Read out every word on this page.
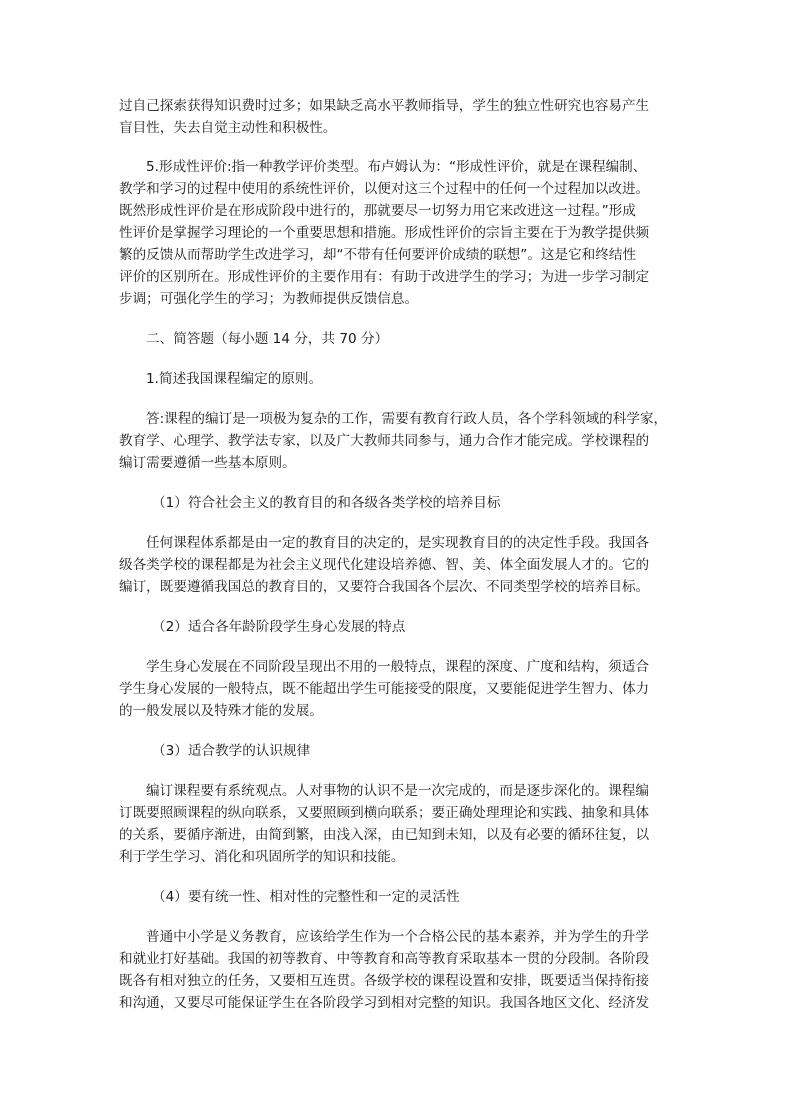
过自己探索获得知识费时过多；如果缺乏高水平教师指导，学生的独立性研究也容易产生
盲目性，失去自觉主动性和积极性。
5.形成性评价:指一种教学评价类型。布卢姆认为：“形成性评价，就是在课程编制、
教学和学习的过程中使用的系统性评价，以便对这三个过程中的任何一个过程加以改进。
既然形成性评价是在形成阶段中进行的，那就要尽一切努力用它来改进这一过程。”形成
性评价是掌握学习理论的一个重要思想和措施。形成性评价的宗旨主要在于为教学提供频
繁的反馈从而帮助学生改进学习，却“不带有任何要评价成绩的联想”。这是它和终结性
评价的区别所在。形成性评价的主要作用有：有助于改进学生的学习；为进一步学习制定
步调；可强化学生的学习；为教师提供反馈信息。
二、简答题（每小题 14 分，共 70 分）
1.简述我国课程编定的原则。
答:课程的编订是一项极为复杂的工作，需要有教育行政人员，各个学科领域的科学家，
教育学、心理学、教学法专家，以及广大教师共同参与，通力合作才能完成。学校课程的
编订需要遵循一些基本原则。
（1）符合社会主义的教育目的和各级各类学校的培养目标
任何课程体系都是由一定的教育目的决定的，是实现教育目的的决定性手段。我国各
级各类学校的课程都是为社会主义现代化建设培养德、智、美、体全面发展人才的。它的
编订，既要遵循我国总的教育目的，又要符合我国各个层次、不同类型学校的培养目标。
（2）适合各年龄阶段学生身心发展的特点
学生身心发展在不同阶段呈现出不用的一般特点，课程的深度、广度和结构，须适合
学生身心发展的一般特点，既不能超出学生可能接受的限度，又要能促进学生智力、体力
的一般发展以及特殊才能的发展。
（3）适合教学的认识规律
编订课程要有系统观点。人对事物的认识不是一次完成的，而是逐步深化的。课程编
订既要照顾课程的纵向联系，又要照顾到横向联系；要正确处理理论和实践、抽象和具体
的关系，要循序渐进，由简到繁，由浅入深，由已知到未知，以及有必要的循环往复，以
利于学生学习、消化和巩固所学的知识和技能。
（4）要有统一性、相对性的完整性和一定的灵活性
普通中小学是义务教育，应该给学生作为一个合格公民的基本素养，并为学生的升学
和就业打好基础。我国的初等教育、中等教育和高等教育采取基本一贯的分段制。各阶段
既各有相对独立的任务，又要相互连贯。各级学校的课程设置和安排，既要适当保持衔接
和沟通，又要尽可能保证学生在各阶段学习到相对完整的知识。我国各地区文化、经济发
